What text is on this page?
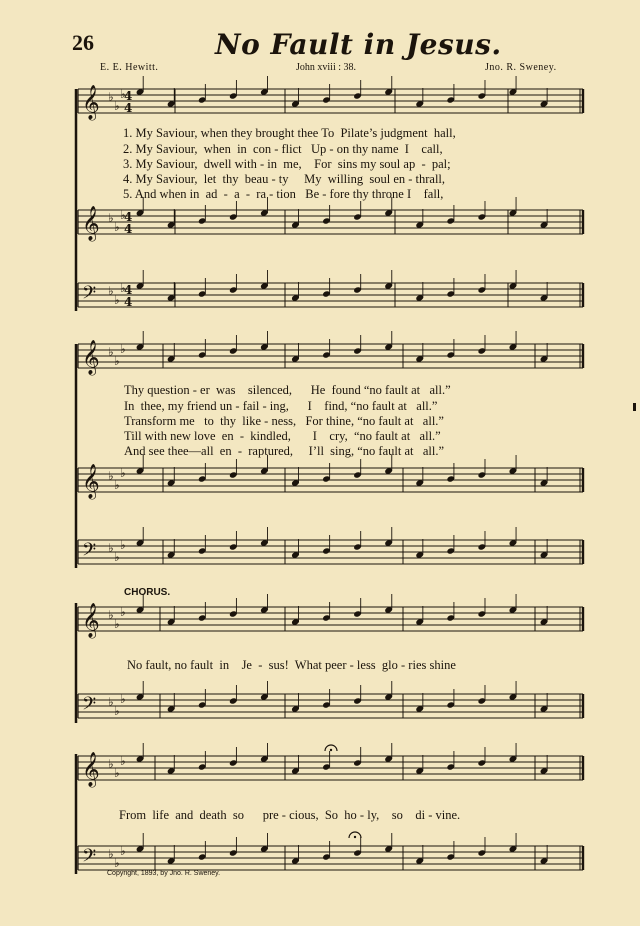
𝄞 ♭
♭
♭
𝄞 ♭
♭
♭
𝄢 ♭
♭
♭
𝄞 ♭
♭
♭
𝄞 ♭
♭
♭
𝄢 ♭
♭
♭
𝄞 ♭
♭
♭
𝄢 ♭
♭
♭
𝄞 ♭
♭
♭
𝄢 ♭
♭
♭
4
4
4
4
4
4
26	No Fault in Jesus.
E. E. Hewitt.	John xviii : 38.	Jno. R. Sweney.
1. My Saviour, when they brought thee To  Pilate’s judgment  hall,
2. My Saviour,  when  in  con - flict   Up - on thy name  I    call,
3. My Saviour,  dwell with - in  me,    For  sins my soul ap  -  pal;
4. My Saviour,  let  thy  beau - ty     My  willing  soul en - thrall,
5. And when in  ad  -  a  -  ra - tion   Be - fore thy throne I    fall,
Thy question - er  was    silenced,      He  found “no fault at   all.”
In  thee, my friend un - fail - ing,      I    find, “no fault at   all.”
Transform me   to  thy  like - ness,   For thine, “no fault at   all.”
Till with new love  en  -  kindled,       I    cry,  “no fault at   all.”
And see thee—all  en  -  raptured,     I’ll  sing, “no fault at   all.”
CHORUS.
No fault, no fault  in    Je  -  sus!  What peer - less  glo - ries shine
From  life  and  death  so      pre - cious,  So  ho - ly,    so    di - vine.
Copyright, 1893, by Jno. R. Sweney.
